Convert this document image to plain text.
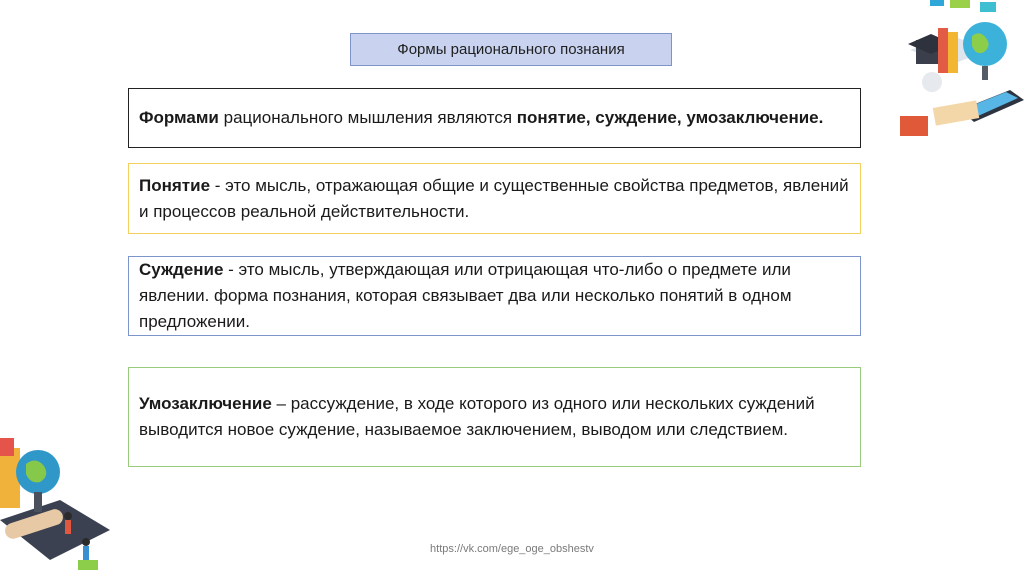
Формы рационального познания

Формами рационального мышления являются понятие, суждение, умозаключение.

Понятие - это мысль, отражающая общие и существенные свойства предметов, явлений и процессов реальной действительности.

Суждение - это мысль, утверждающая или отрицающая что-либо о предмете или явлении. форма познания, которая связывает два или несколько понятий в одном предложении.

Умозаключение – рассуждение, в ходе которого из одного или нескольких суждений выводится новое суждение, называемое заключением, выводом или следствием.

https://vk.com/ege_oge_obshestv
